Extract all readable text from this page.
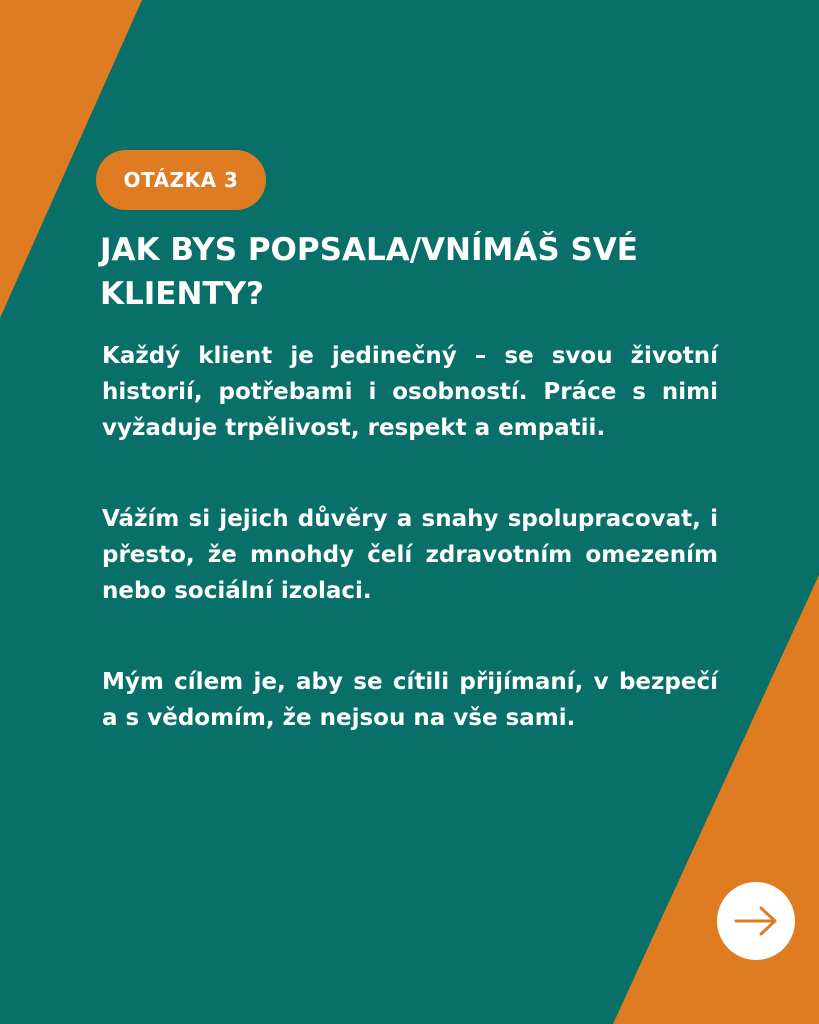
OTÁZKA 3
JAK BYS POPSALA/VNÍMÁŠ SVÉ KLIENTY?

Každý klient je jedinečný – se svou životní historií, potřebami i osobností. Práce s nimi vyžaduje trpělivost, respekt a empatii.

Vážím si jejich důvěry a snahy spolupracovat, i přesto, že mnohdy čelí zdravotním omezením nebo sociální izolaci.

Mým cílem je, aby se cítili přijímaní, v bezpečí a s vědomím, že nejsou na vše sami.
